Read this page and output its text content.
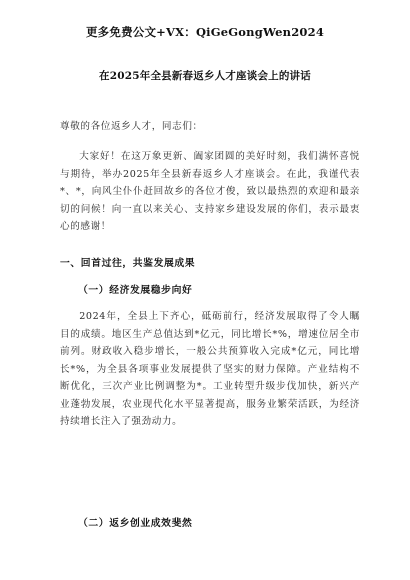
更多免费公文+VX：QiGeGongWen2024
在2025年全县新春返乡人才座谈会上的讲话
尊敬的各位返乡人才，同志们：
大家好！在这万象更新、阖家团圆的美好时刻，我们满怀喜悦与期待，举办2025年全县新春返乡人才座谈会。在此，我谨代表*、*，向风尘仆仆赶回故乡的各位才俊，致以最热烈的欢迎和最亲切的问候！向一直以来关心、支持家乡建设发展的你们，表示最衷心的感谢！
一、回首过往，共鉴发展成果
（一）经济发展稳步向好
2024年，全县上下齐心，砥砺前行，经济发展取得了令人瞩目的成绩。地区生产总值达到*亿元，同比增长*%，增速位居全市前列。财政收入稳步增长，一般公共预算收入完成*亿元，同比增长*%，为全县各项事业发展提供了坚实的财力保障。产业结构不断优化，三次产业比例调整为*。工业转型升级步伐加快，新兴产业蓬勃发展，农业现代化水平显著提高，服务业繁荣活跃，为经济持续增长注入了强劲动力。
（二）返乡创业成效斐然
